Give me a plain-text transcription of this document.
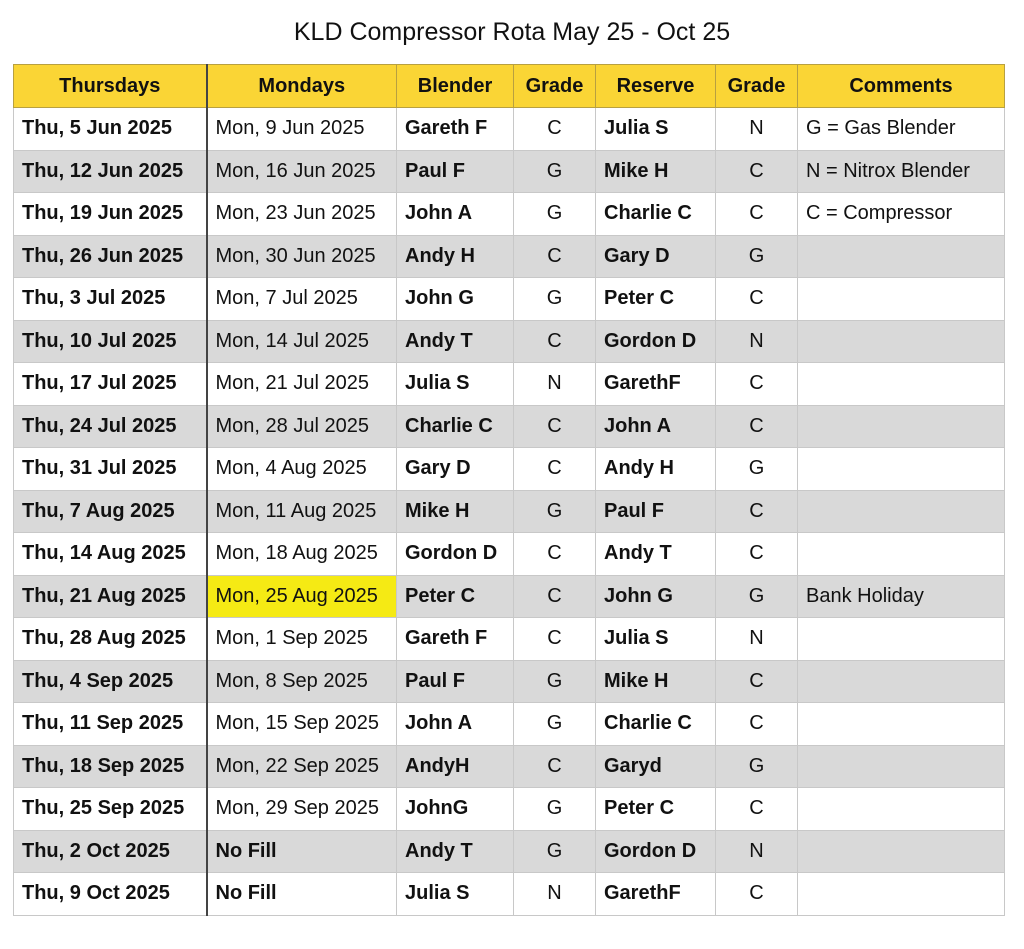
KLD Compressor Rota May 25 - Oct 25
Thursdays	Mondays	Blender	Grade	Reserve	Grade	Comments
Thu, 5 Jun 2025	Mon, 9 Jun 2025	Gareth F	C	Julia S	N	G = Gas Blender
Thu, 12 Jun 2025	Mon, 16 Jun 2025	Paul F	G	Mike H	C	N = Nitrox Blender
Thu, 19 Jun 2025	Mon, 23 Jun 2025	John A	G	Charlie C	C	C = Compressor
Thu, 26 Jun 2025	Mon, 30 Jun 2025	Andy H	C	Gary D	G	
Thu, 3 Jul 2025	Mon, 7 Jul 2025	John G	G	Peter C	C	
Thu, 10 Jul 2025	Mon, 14 Jul 2025	Andy T	C	Gordon D	N	
Thu, 17 Jul 2025	Mon, 21 Jul 2025	Julia S	N	GarethF	C	
Thu, 24 Jul 2025	Mon, 28 Jul 2025	Charlie C	C	John A	C	
Thu, 31 Jul 2025	Mon, 4 Aug 2025	Gary D	C	Andy H	G	
Thu, 7 Aug 2025	Mon, 11 Aug 2025	Mike H	G	Paul F	C	
Thu, 14 Aug 2025	Mon, 18 Aug 2025	Gordon D	C	Andy T	C	
Thu, 21 Aug 2025	Mon, 25 Aug 2025	Peter C	C	John G	G	Bank Holiday
Thu, 28 Aug 2025	Mon, 1 Sep 2025	Gareth F	C	Julia S	N	
Thu, 4 Sep 2025	Mon, 8 Sep 2025	Paul F	G	Mike H	C	
Thu, 11 Sep 2025	Mon, 15 Sep 2025	John A	G	Charlie C	C	
Thu, 18 Sep 2025	Mon, 22 Sep 2025	AndyH	C	Garyd	G	
Thu, 25 Sep 2025	Mon, 29 Sep 2025	JohnG	G	Peter C	C	
Thu, 2 Oct 2025	No Fill	Andy T	G	Gordon D	N	
Thu, 9 Oct 2025	No Fill	Julia S	N	GarethF	C	
